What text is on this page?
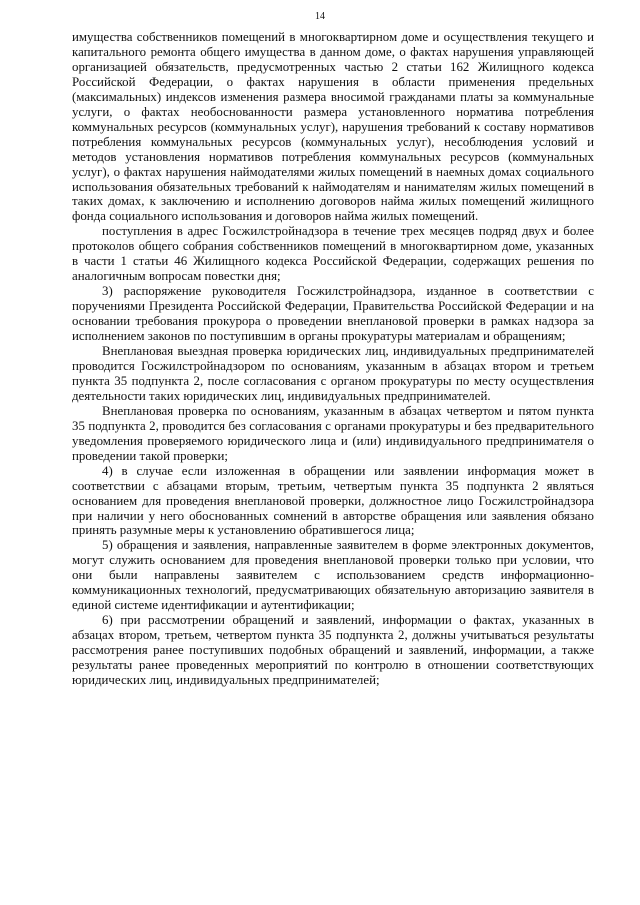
14

имущества собственников помещений в многоквартирном доме и осуществления текущего и капитального ремонта общего имущества в данном доме, о фактах нарушения управляющей организацией обязательств, предусмотренных частью 2 статьи 162 Жилищного кодекса Российской Федерации, о фактах нарушения в области применения предельных (максимальных) индексов изменения размера вносимой гражданами платы за коммунальные услуги, о фактах необоснованности размера установленного норматива потребления коммунальных ресурсов (коммунальных услуг), нарушения требований к составу нормативов потребления коммунальных ресурсов (коммунальных услуг), несоблюдения условий и методов установления нормативов потребления коммунальных ресурсов (коммунальных услуг), о фактах нарушения наймодателями жилых помещений в наемных домах социального использования обязательных требований к наймодателям и нанимателям жилых помещений в таких домах, к заключению и исполнению договоров найма жилых помещений жилищного фонда социального использования и договоров найма жилых помещений.

поступления в адрес Госжилстройнадзора в течение трех месяцев подряд двух и более протоколов общего собрания собственников помещений в многоквартирном доме, указанных в части 1 статьи 46 Жилищного кодекса Российской Федерации, содержащих решения по аналогичным вопросам повестки дня;

3) распоряжение руководителя Госжилстройнадзора, изданное в соответствии с поручениями Президента Российской Федерации, Правительства Российской Федерации и на основании требования прокурора о проведении внеплановой проверки в рамках надзора за исполнением законов по поступившим в органы прокуратуры материалам и обращениям;

Внеплановая выездная проверка юридических лиц, индивидуальных предпринимателей проводится Госжилстройнадзором по основаниям, указанным в абзацах втором и третьем пункта 35 подпункта 2, после согласования с органом прокуратуры по месту осуществления деятельности таких юридических лиц, индивидуальных предпринимателей.

Внеплановая проверка по основаниям, указанным в абзацах четвертом и пятом пункта 35 подпункта 2, проводится без согласования с органами прокуратуры и без предварительного уведомления проверяемого юридического лица и (или) индивидуального предпринимателя о проведении такой проверки;

4) в случае если изложенная в обращении или заявлении информация может в соответствии с абзацами вторым, третьим, четвертым пункта 35 подпункта 2 являться основанием для проведения внеплановой проверки, должностное лицо Госжилстройнадзора при наличии у него обоснованных сомнений в авторстве обращения или заявления обязано принять разумные меры к установлению обратившегося лица;

5) обращения и заявления, направленные заявителем в форме электронных документов, могут служить основанием для проведения внеплановой проверки только при условии, что они были направлены заявителем с использованием средств информационно-коммуникационных технологий, предусматривающих обязательную авторизацию заявителя в единой системе идентификации и аутентификации;

6) при рассмотрении обращений и заявлений, информации о фактах, указанных в абзацах втором, третьем, четвертом пункта 35 подпункта 2, должны учитываться результаты рассмотрения ранее поступивших подобных обращений и заявлений, информации, а также результаты ранее проведенных мероприятий по контролю в отношении соответствующих юридических лиц, индивидуальных предпринимателей;
